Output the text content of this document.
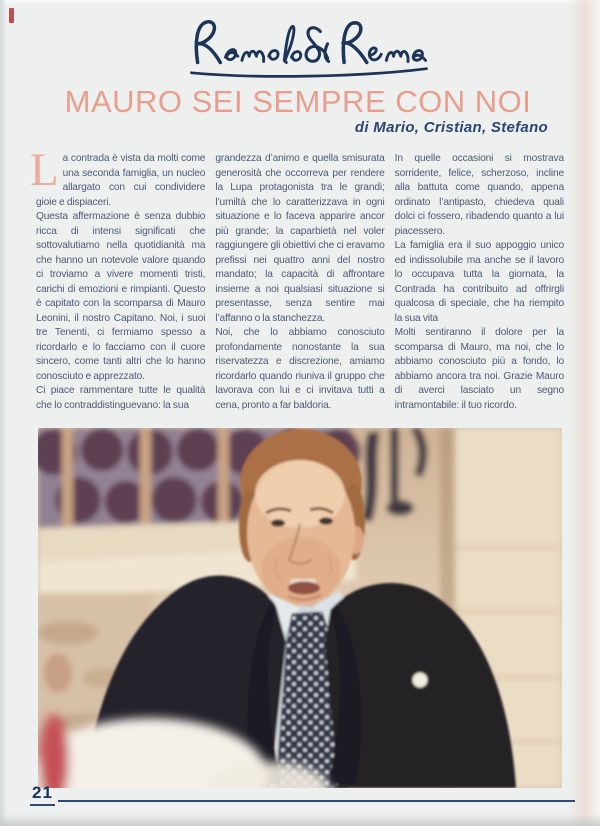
MAURO SEI SEMPRE CON NOI
di Mario, Cristian, Stefano

La contrada è vista da molti come una seconda famiglia, un nucleo allargato con cui condividere gioie e dispiaceri.

Questa affermazione è senza dubbio ricca di intensi significati che sottovalutiamo nella quotidianità ma che hanno un notevole valore quando ci troviamo a vivere momenti tristi, carichi di emozioni e rimpianti. Questo è capitato con la scomparsa di Mauro Leonini, il nostro Capitano. Noi, i suoi tre Tenenti, ci fermiamo spesso a ricordarlo e lo facciamo con il cuore sincero, come tanti altri che lo hanno conosciuto e apprezzato.

Ci piace rammentare tutte le qualità che lo contraddistinguevano: la sua

grandezza d’animo e quella smisurata generosità che occorreva per rendere la Lupa protagonista tra le grandi; l’umiltà che lo caratterizzava in ogni situazione e lo faceva apparire ancor più grande; la caparbietà nel voler raggiungere gli obiettivi che ci eravamo prefissi nei quattro anni del nostro mandato; la capacità di affrontare insieme a noi qualsiasi situazione si presentasse, senza sentire mai l’affanno o la stanchezza.

Noi, che lo abbiamo conosciuto profondamente nonostante la sua riservatezza e discrezione, amiamo ricordarlo quando riuniva il gruppo che lavorava con lui e ci invitava tutti a cena, pronto a far baldoria.

In quelle occasioni si mostrava sorridente, felice, scherzoso, incline alla battuta come quando, appena ordinato l’antipasto, chiedeva quali dolci ci fossero, ribadendo quanto a lui piacessero.

La famiglia era il suo appoggio unico ed indissolubile ma anche se il lavoro lo occupava tutta la giornata, la Contrada ha contribuito ad offrirgli qualcosa di speciale, che ha riempito la sua vita

Molti sentiranno il dolore per la scomparsa di Mauro, ma noi, che lo abbiamo conosciuto più a fondo, lo abbiamo ancora tra noi. Grazie Mauro di averci lasciato un segno intramontabile: il tuo ricordo.

21
